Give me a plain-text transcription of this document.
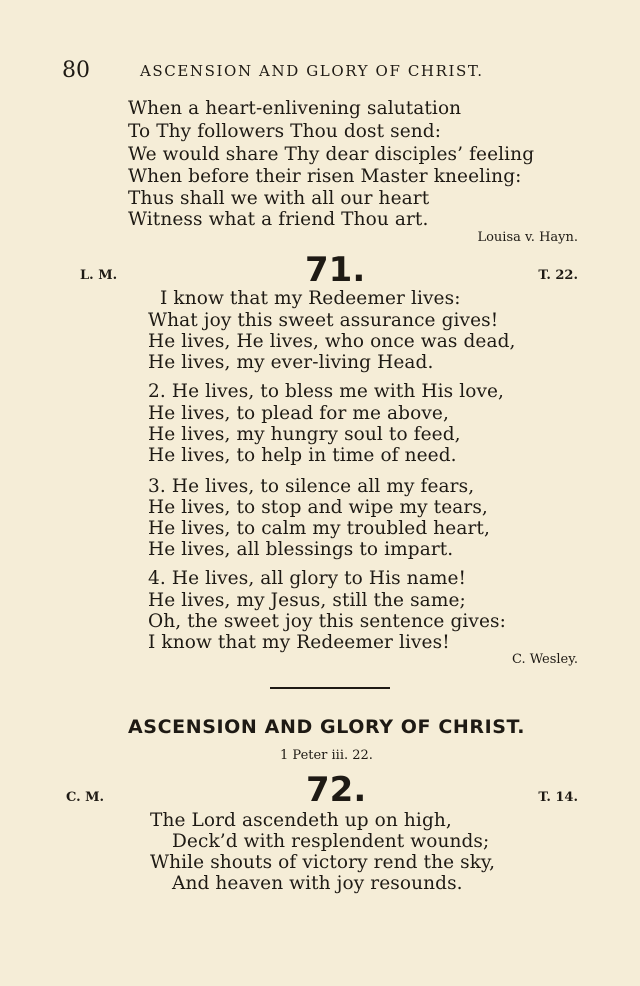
80	ASCENSION AND GLORY OF CHRIST.
When a heart-enlivening salutation
To Thy followers Thou dost send:
We would share Thy dear disciples’ feeling
When before their risen Master kneeling:
Thus shall we with all our heart
Witness what a friend Thou art.
Louisa v. Hayn.
L. M.	71.	T. 22.
I know that my Redeemer lives:
What joy this sweet assurance gives!
He lives, He lives, who once was dead,
He lives, my ever-living Head.
2. He lives, to bless me with His love,
He lives, to plead for me above,
He lives, my hungry soul to feed,
He lives, to help in time of need.
3. He lives, to silence all my fears,
He lives, to stop and wipe my tears,
He lives, to calm my troubled heart,
He lives, all blessings to impart.
4. He lives, all glory to His name!
He lives, my Jesus, still the same;
Oh, the sweet joy this sentence gives:
I know that my Redeemer lives!
C. Wesley.
ASCENSION AND GLORY OF CHRIST.
1 Peter iii. 22.
C. M.	72.	T. 14.
The Lord ascendeth up on high,
Deck’d with resplendent wounds;
While shouts of victory rend the sky,
And heaven with joy resounds.
